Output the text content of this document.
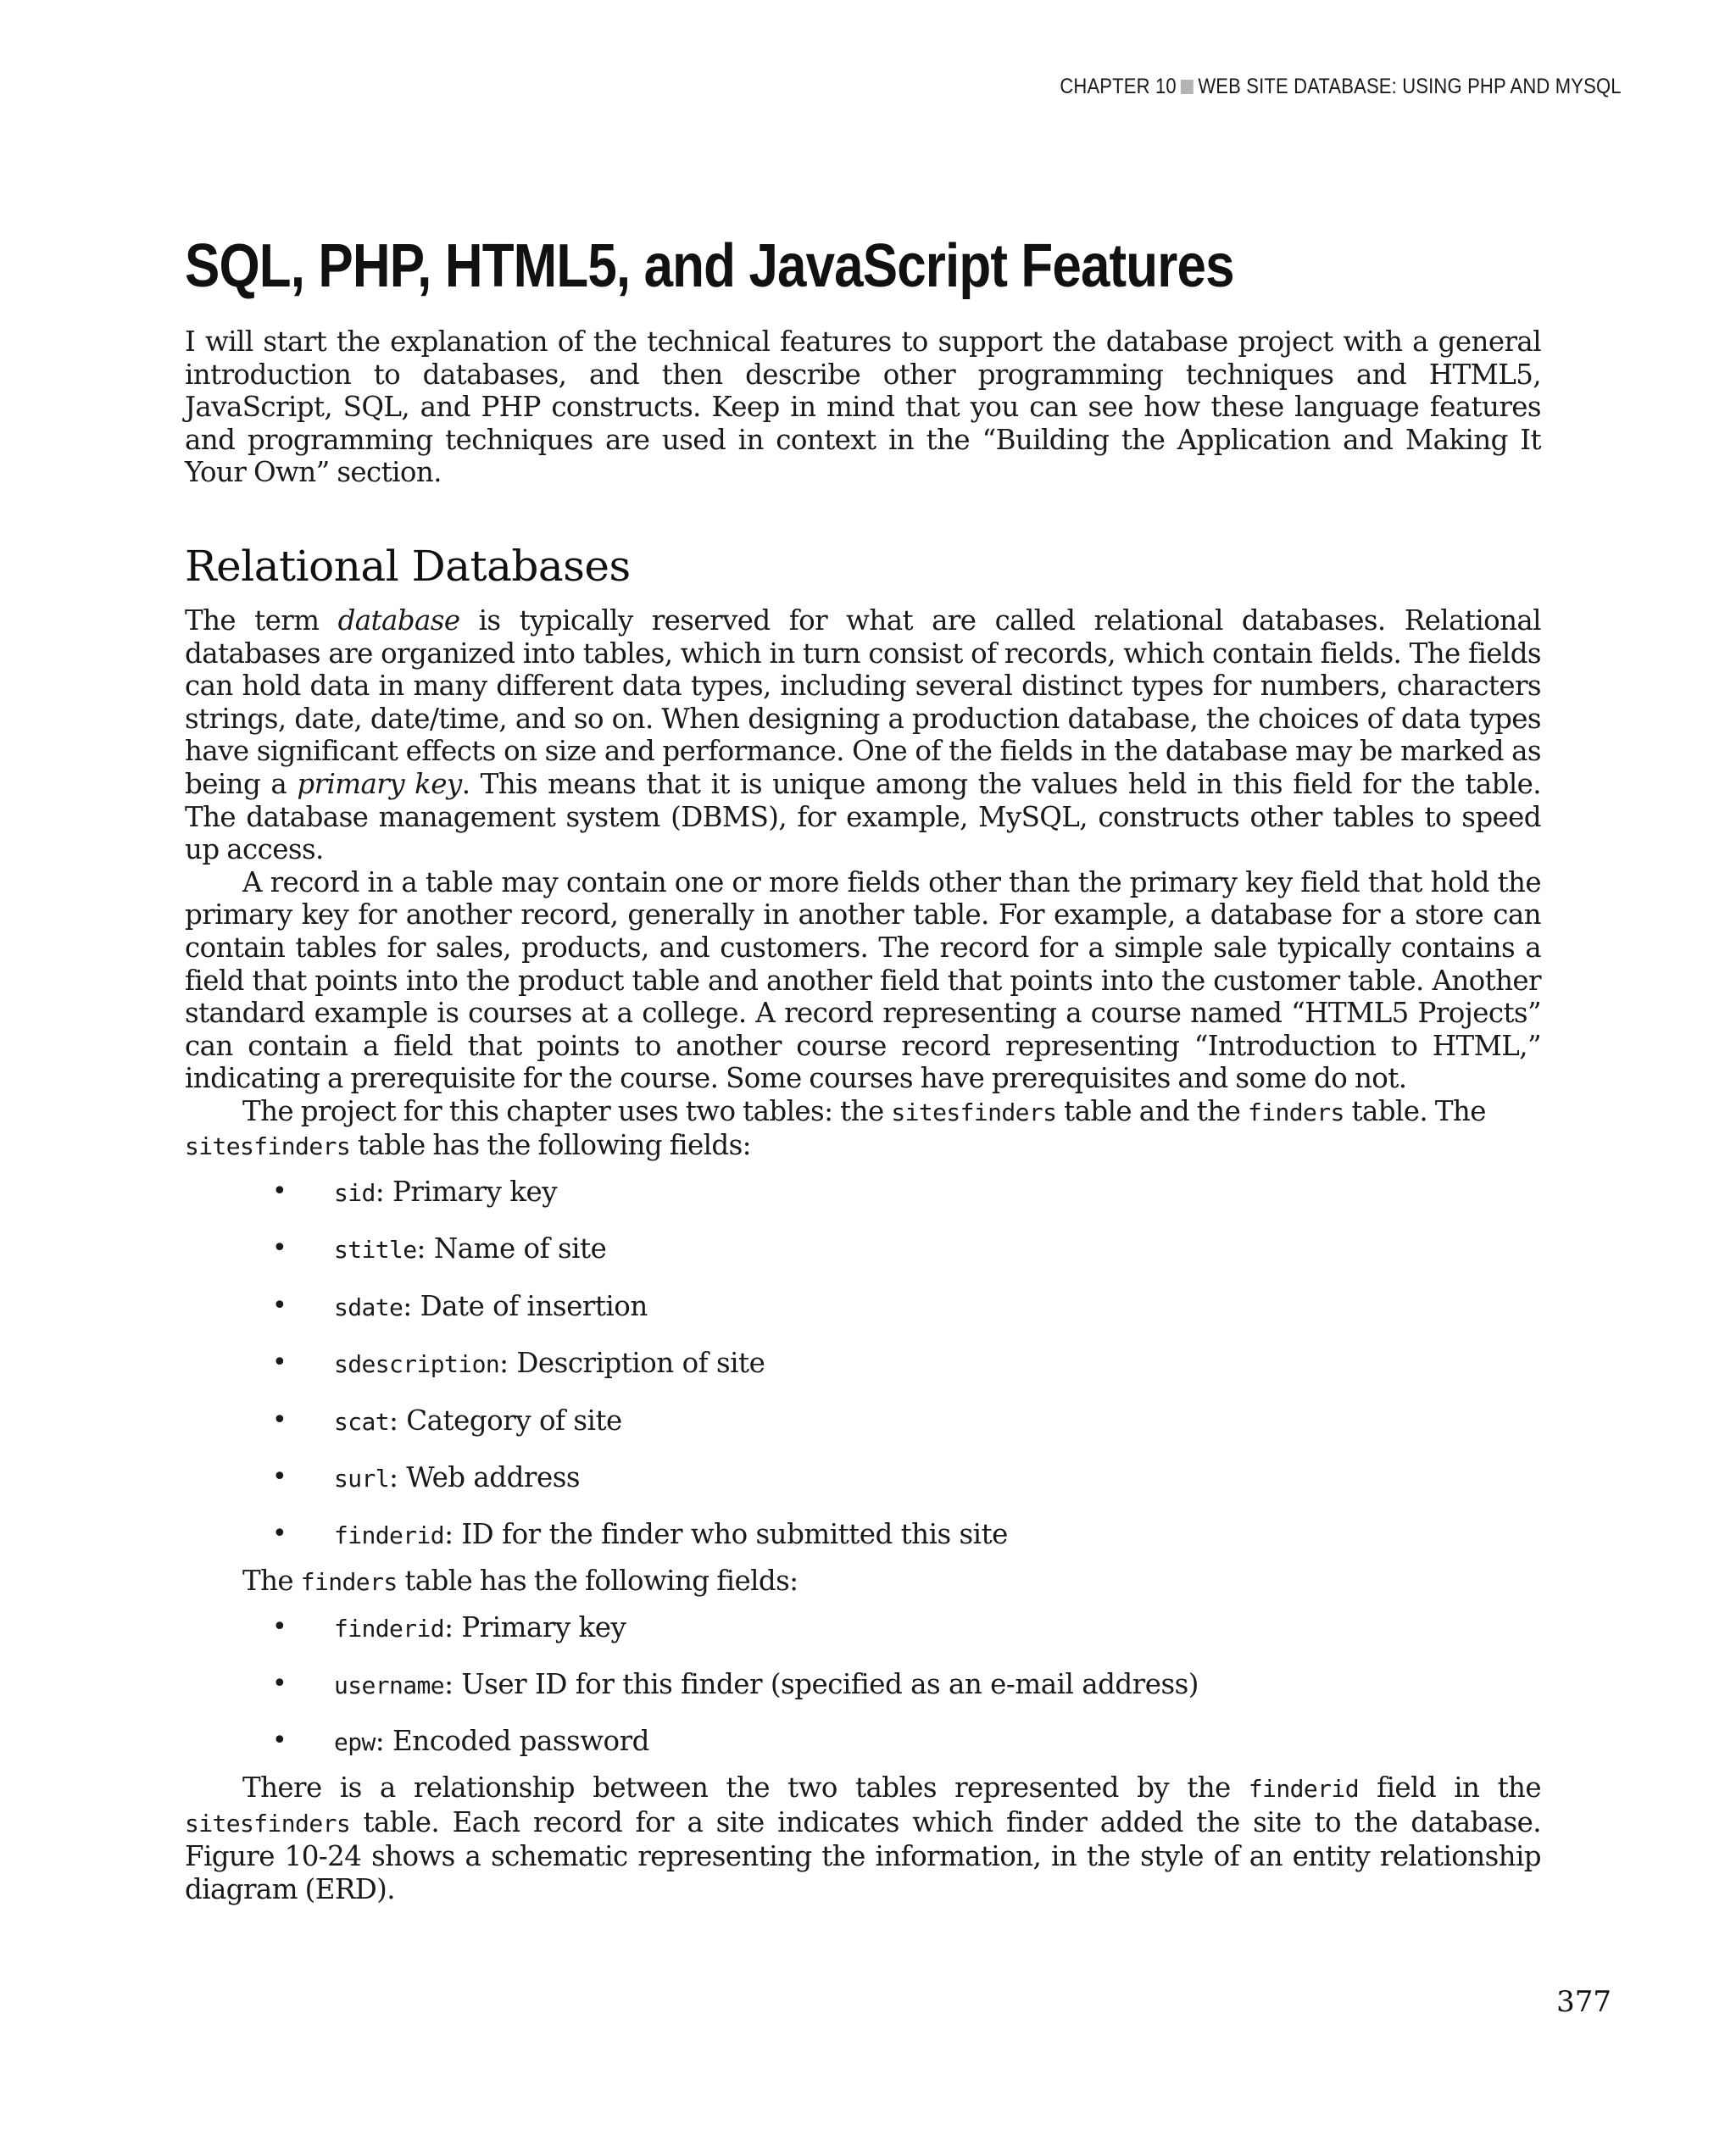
CHAPTER 10 WEB SITE DATABASE: USING PHP AND MYSQL
SQL, PHP, HTML5, and JavaScript Features

I will start the explanation of the technical features to support the database project with a general introduction to databases, and then describe other programming techniques and HTML5, JavaScript, SQL, and PHP constructs. Keep in mind that you can see how these language features and programming techniques are used in context in the “Building the Application and Making It Your Own” section.

Relational Databases

The term database is typically reserved for what are called relational databases. Relational databases are organized into tables, which in turn consist of records, which contain fields. The fields can hold data in many different data types, including several distinct types for numbers, characters strings, date, date/time, and so on. When designing a production database, the choices of data types have significant effects on size and performance. One of the fields in the database may be marked as being a primary key. This means that it is unique among the values held in this field for the table. The database management system (DBMS), for example, MySQL, constructs other tables to speed up access.

A record in a table may contain one or more fields other than the primary key field that hold the primary key for another record, generally in another table. For example, a database for a store can contain tables for sales, products, and customers. The record for a simple sale typically contains a field that points into the product table and another field that points into the customer table. Another standard example is courses at a college. A record representing a course named “HTML5 Projects” can contain a field that points to another course record representing “Introduction to HTML,” indicating a prerequisite for the course. Some courses have prerequisites and some do not.

The project for this chapter uses two tables: the sitesfinders table and the finders table. The
sitesfinders table has the following fields:

• sid: Primary key
• stitle: Name of site
• sdate: Date of insertion
• sdescription: Description of site
• scat: Category of site
• surl: Web address
• finderid: ID for the finder who submitted this site

The finders table has the following fields:

• finderid: Primary key
• username: User ID for this finder (specified as an e-mail address)
• epw: Encoded password

There is a relationship between the two tables represented by the finderid field in the sitesfinders table. Each record for a site indicates which finder added the site to the database. Figure 10-24 shows a schematic representing the information, in the style of an entity relationship diagram (ERD).

377
